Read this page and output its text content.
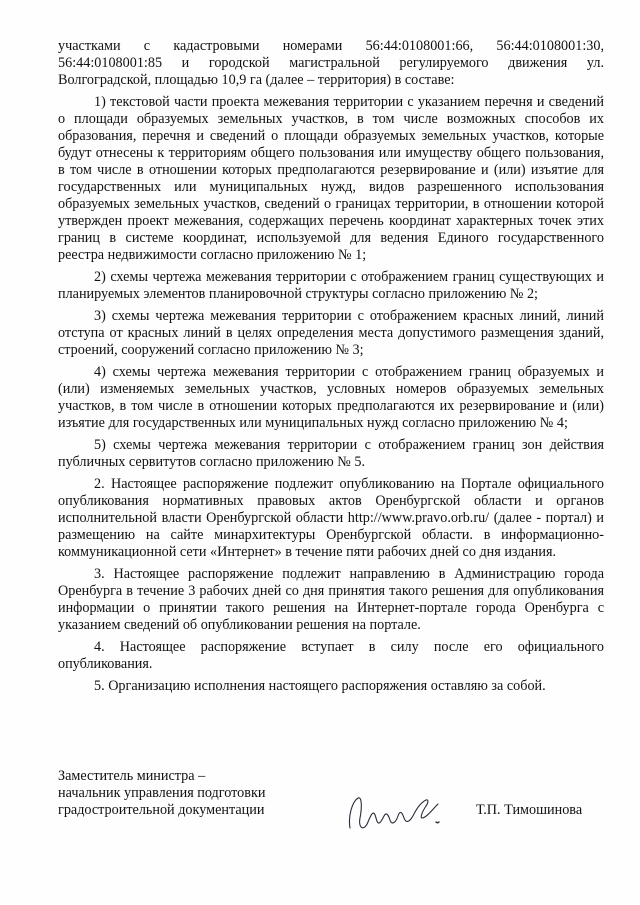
участками с кадастровыми номерами 56:44:0108001:66, 56:44:0108001:30, 56:44:0108001:85 и городской магистральной регулируемого движения ул. Волгоградской, площадью 10,9 га (далее – территория) в составе:

1) текстовой части проекта межевания территории с указанием перечня и сведений о площади образуемых земельных участков, в том числе возможных способов их образования, перечня и сведений о площади образуемых земельных участков, которые будут отнесены к территориям общего пользования или имуществу общего пользования, в том числе в отношении которых предполагаются резервирование и (или) изъятие для государственных или муниципальных нужд, видов разрешенного использования образуемых земельных участков, сведений о границах территории, в отношении которой утвержден проект межевания, содержащих перечень координат характерных точек этих границ в системе координат, используемой для ведения Единого государственного реестра недвижимости согласно приложению № 1;

2) схемы чертежа межевания территории с отображением границ существующих и планируемых элементов планировочной структуры согласно приложению № 2;

3) схемы чертежа межевания территории с отображением красных линий, линий отступа от красных линий в целях определения места допустимого размещения зданий, строений, сооружений согласно приложению № 3;

4) схемы чертежа межевания территории с отображением границ образуемых и (или) изменяемых земельных участков, условных номеров образуемых земельных участков, в том числе в отношении которых предполагаются их резервирование и (или) изъятие для государственных или муниципальных нужд согласно приложению № 4;

5) схемы чертежа межевания территории с отображением границ зон действия публичных сервитутов согласно приложению № 5.

2. Настоящее распоряжение подлежит опубликованию на Портале официального опубликования нормативных правовых актов Оренбургской области и органов исполнительной власти Оренбургской области http://www.pravo.orb.ru/ (далее - портал) и размещению на сайте минархитектуры Оренбургской области. в информационно-коммуникационной сети «Интернет» в течение пяти рабочих дней со дня издания.

3. Настоящее распоряжение подлежит направлению в Администрацию города Оренбурга в течение 3 рабочих дней со дня принятия такого решения для опубликования информации о принятии такого решения на Интернет-портале города Оренбурга с указанием сведений об опубликовании решения на портале.

4. Настоящее распоряжение вступает в силу после его официального опубликования.

5. Организацию исполнения настоящего распоряжения оставляю за собой.

Заместитель министра –
начальник управления подготовки
градостроительной документации	Т.П. Тимошинова
